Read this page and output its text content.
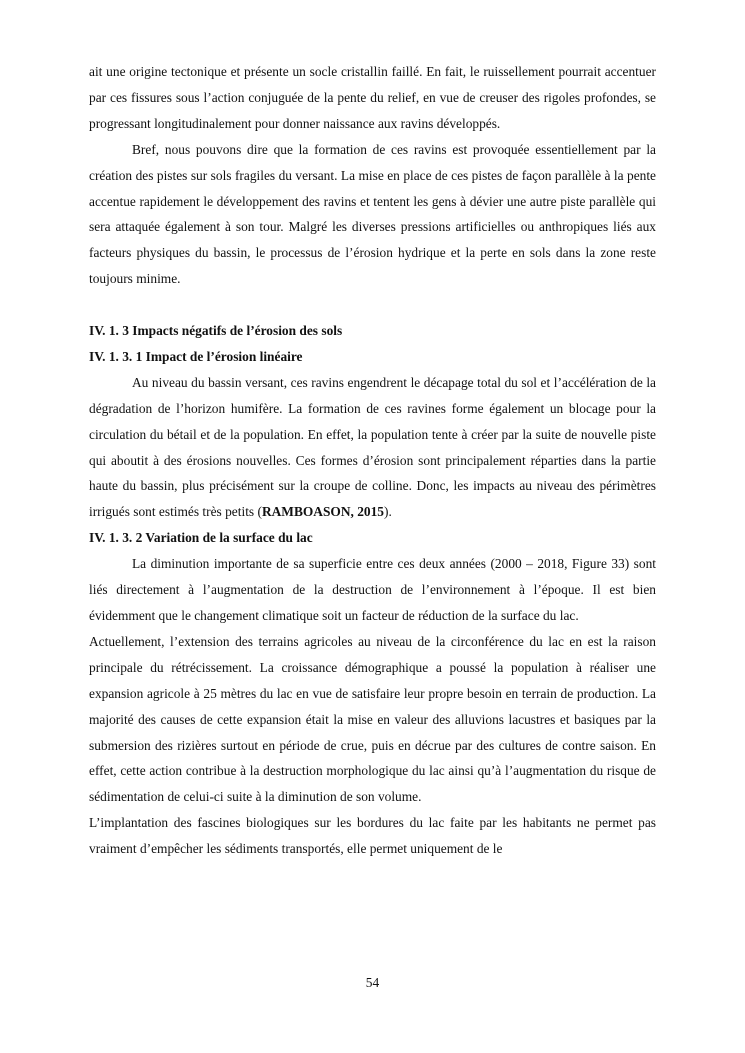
ait une origine tectonique et présente un socle cristallin faillé. En fait, le ruissellement pourrait accentuer par ces fissures sous l’action conjuguée de la pente du relief, en vue de creuser des rigoles profondes, se progressant longitudinalement pour donner naissance aux ravins développés.

Bref, nous pouvons dire que la formation de ces ravins est provoquée essentiellement par la création des pistes sur sols fragiles du versant. La mise en place de ces pistes de façon parallèle à la pente accentue rapidement le développement des ravins et tentent les gens à dévier une autre piste parallèle qui sera attaquée également à son tour. Malgré les diverses pressions artificielles ou anthropiques liés aux facteurs physiques du bassin, le processus de l’érosion hydrique et la perte en sols dans la zone reste toujours minime.

IV. 1. 3 Impacts négatifs de l’érosion des sols
IV. 1. 3. 1 Impact de l’érosion linéaire

Au niveau du bassin versant, ces ravins engendrent le décapage total du sol et l’accélération de la dégradation de l’horizon humifère. La formation de ces ravines forme également un blocage pour la circulation du bétail et de la population. En effet, la population tente à créer par la suite de nouvelle piste qui aboutit à des érosions nouvelles. Ces formes d’érosion sont principalement réparties dans la partie haute du bassin, plus précisément sur la croupe de colline. Donc, les impacts au niveau des périmètres irrigués sont estimés très petits (RAMBOASON, 2015).

IV. 1. 3. 2 Variation de la surface du lac

La diminution importante de sa superficie entre ces deux années (2000 – 2018, Figure 33) sont liés directement à l’augmentation de la destruction de l’environnement à l’époque. Il est bien évidemment que le changement climatique soit un facteur de réduction de la surface du lac.

Actuellement, l’extension des terrains agricoles au niveau de la circonférence du lac en est la raison principale du rétrécissement. La croissance démographique a poussé la population à réaliser une expansion agricole à 25 mètres du lac en vue de satisfaire leur propre besoin en terrain de production. La majorité des causes de cette expansion était la mise en valeur des alluvions lacustres et basiques par la submersion des rizières surtout en période de crue, puis en décrue par des cultures de contre saison. En effet, cette action contribue à la destruction morphologique du lac ainsi qu’à l’augmentation du risque de sédimentation de celui-ci suite à la diminution de son volume.

L’implantation des fascines biologiques sur les bordures du lac faite par les habitants ne permet pas vraiment d’empêcher les sédiments transportés, elle permet uniquement de le

54
